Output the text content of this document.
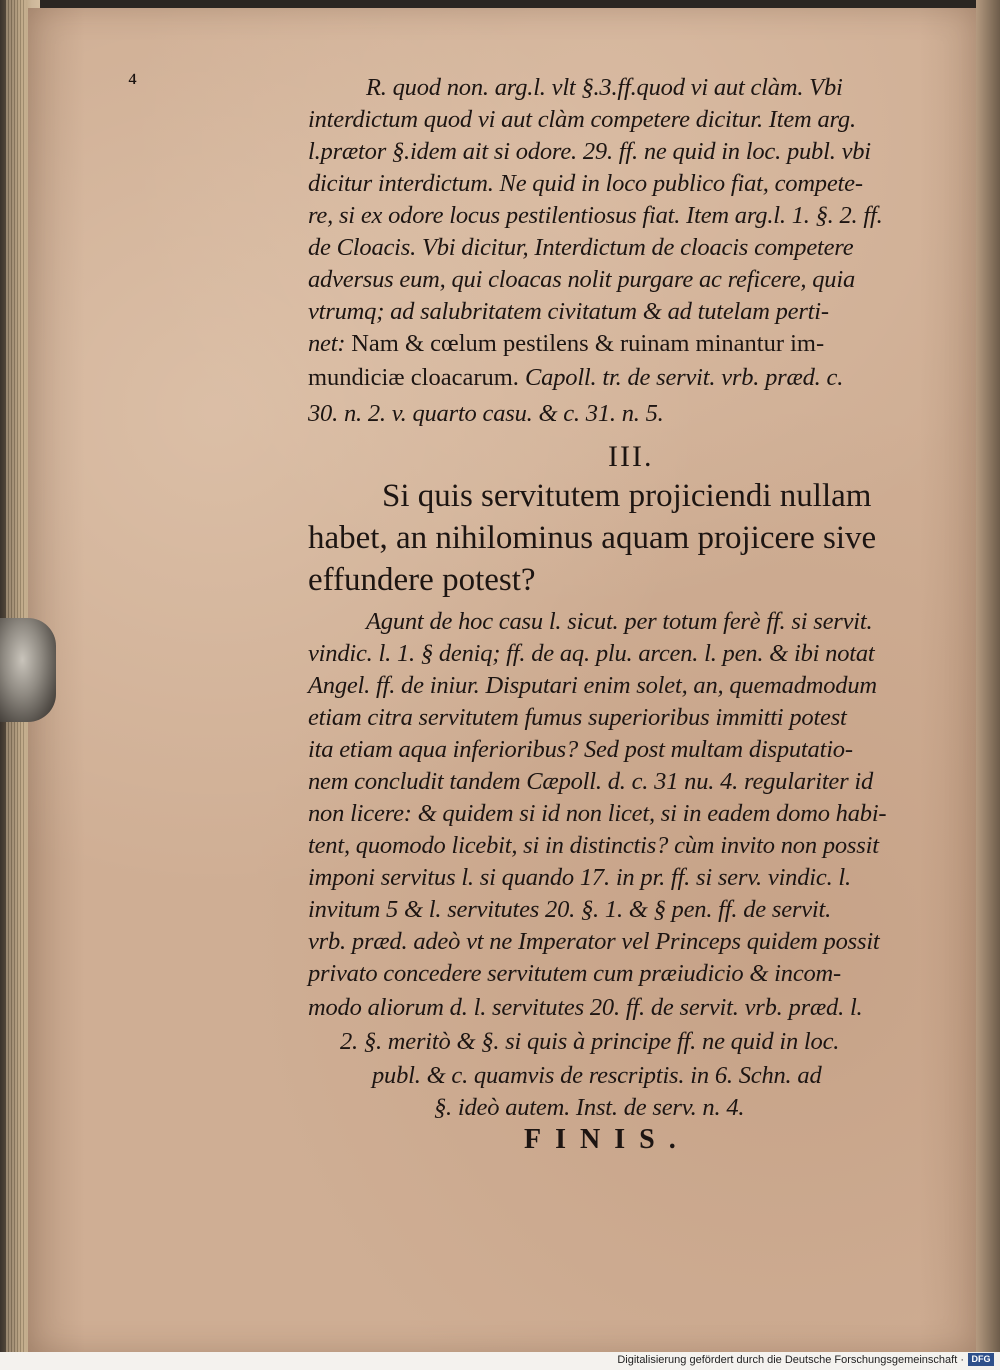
⁴	R. quod non. arg.l. vlt §.3.ff.quod vi aut clàm. Vbi
interdictum quod vi aut clàm competere dicitur. Item arg.
l.prætor §.idem ait si odore. 29. ff. ne quid in loc. publ. vbi
dicitur interdictum. Ne quid in loco publico fiat, compete-
re, si ex odore locus pestilentiosus fiat. Item arg.l. 1. §. 2. ff.
de Cloacis. Vbi dicitur, Interdictum de cloacis competere
adversus eum, qui cloacas nolit purgare ac reficere, quia
vtrumq; ad salubritatem civitatum & ad tutelam perti-
net: Nam & cœlum pestilens & ruinam minantur im-
mundiciæ cloacarum. Capoll. tr. de servit. vrb. præd. c.
30. n. 2. v. quarto casu. & c. 31. n. 5.
III.
Si quis servitutem projiciendi nullam
habet, an nihilominus aquam projicere sive
effundere potest?
Agunt de hoc casu l. sicut. per totum ferè ff. si servit.
vindic. l. 1. § deniq; ff. de aq. plu. arcen. l. pen. & ibi notat
Angel. ff. de iniur. Disputari enim solet, an, quemadmodum
etiam citra servitutem fumus superioribus immitti potest
ita etiam aqua inferioribus? Sed post multam disputatio-
nem concludit tandem Cæpoll. d. c. 31 nu. 4. regulariter id
non licere: & quidem si id non licet, si in eadem domo habi-
tent, quomodo licebit, si in distinctis? cùm invito non possit
imponi servitus l. si quando 17. in pr. ff. si serv. vindic. l.
invitum 5 & l. servitutes 20. §. 1. & § pen. ff. de servit.
vrb. præd. adeò vt ne Imperator vel Princeps quidem possit
privato concedere servitutem cum præiudicio & incom-
modo aliorum d. l. servitutes 20. ff. de servit. vrb. præd. l.
2. §. meritò & §. si quis à principe ff. ne quid in loc.
publ. & c. quamvis de rescriptis. in 6. Schn. ad
§. ideò autem. Inst. de serv. n. 4.
FINIS.
Digitalisierung gefördert durch die Deutsche Forschungsgemeinschaft · DFG
